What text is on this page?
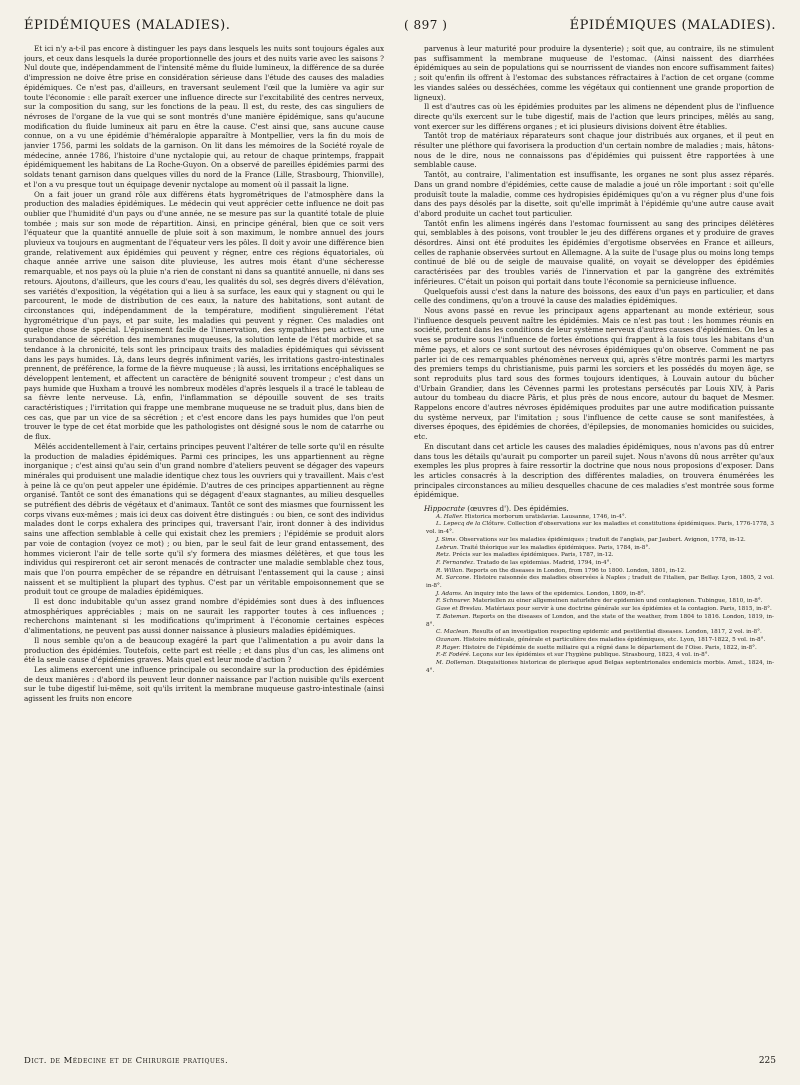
ÉPIDÉMIQUES (MALADIES).	( 897 )	ÉPIDÉMIQUES (MALADIES).

Et ici n'y a-t-il pas encore à distinguer les pays dans lesquels les nuits sont toujours égales aux jours, et ceux dans lesquels la durée proportionnelle des jours et des nuits varie avec les saisons ? Nul doute que, indépendamment de l'intensité même du fluide lumineux, la différence de sa durée d'impression ne doive être prise en considération sérieuse dans l'étude des causes des maladies épidémiques. Ce n'est pas, d'ailleurs, en traversant seulement l'œil que la lumière va agir sur toute l'économie : elle paraît exercer une influence directe sur l'excitabilité des centres nerveux, sur la composition du sang, sur les fonctions de la peau. Il est, du reste, des cas singuliers de névroses de l'organe de la vue qui se sont montrés d'une manière épidémique, sans qu'aucune modification du fluide lumineux ait paru en être la cause. C'est ainsi que, sans aucune cause connue, on a vu une épidémie d'héméralopie apparaître à Montpellier, vers la fin du mois de janvier 1756, parmi les soldats de la garnison. On lit dans les mémoires de la Société royale de médecine, année 1786, l'histoire d'une nyctalopie qui, au retour de chaque printemps, frappait épidémiquement les habitans de La Roche-Guyon. On a observé de pareilles épidémies parmi des soldats tenant garnison dans quelques villes du nord de la France (Lille, Strasbourg, Thionville), et l'on a vu presque tout un équipage devenir nyctalope au moment où il passait la ligne.

On a fait jouer un grand rôle aux différens états hygrométriques de l'atmosphère dans la production des maladies épidémiques. Le médecin qui veut apprécier cette influence ne doit pas oublier que l'humidité d'un pays ou d'une année, ne se mesure pas sur la quantité totale de pluie tombée ; mais sur son mode de répartition. Ainsi, en principe général, bien que ce soit vers l'équateur que la quantité annuelle de pluie soit à son maximum, le nombre annuel des jours pluvieux va toujours en augmentant de l'équateur vers les pôles. Il doit y avoir une différence bien grande, relativement aux épidémies qui peuvent y régner, entre ces régions équatoriales, où chaque année arrive une saison dite pluvieuse, les autres mois étant d'une sécheresse remarquable, et nos pays où la pluie n'a rien de constant ni dans sa quantité annuelle, ni dans ses retours. Ajoutons, d'ailleurs, que les cours d'eau, les qualités du sol, ses degrés divers d'élévation, ses variétés d'exposition, la végétation qui a lieu à sa surface, les eaux qui y stagnent ou qui le parcourent, le mode de distribution de ces eaux, la nature des habitations, sont autant de circonstances qui, indépendamment de la température, modifient singulièrement l'état hygrométrique d'un pays, et par suite, les maladies qui peuvent y régner. Ces maladies ont quelque chose de spécial. L'épuisement facile de l'innervation, des sympathies peu actives, une surabondance de sécrétion des membranes muqueuses, la solution lente de l'état morbide et sa tendance à la chronicité, tels sont les principaux traits des maladies épidémiques qui sévissent dans les pays humides. Là, dans leurs degrés infiniment variés, les irritations gastro-intestinales prennent, de préférence, la forme de la fièvre muqueuse ; là aussi, les irritations encéphaliques se développent lentement, et affectent un caractère de bénignité souvent trompeur ; c'est dans un pays humide que Huxham a trouvé les nombreux modèles d'après lesquels il a tracé le tableau de sa fièvre lente nerveuse. Là, enfin, l'inflammation se dépouille souvent de ses traits caractéristiques ; l'irritation qui frappe une membrane muqueuse ne se traduit plus, dans bien de ces cas, que par un vice de sa sécrétion ; et c'est encore dans les pays humides que l'on peut trouver le type de cet état morbide que les pathologistes ont désigné sous le nom de catarrhe ou de flux.

Mêlés accidentellement à l'air, certains principes peuvent l'altérer de telle sorte qu'il en résulte la production de maladies épidémiques. Parmi ces principes, les uns appartiennent au règne inorganique ; c'est ainsi qu'au sein d'un grand nombre d'ateliers peuvent se dégager des vapeurs minérales qui produisent une maladie identique chez tous les ouvriers qui y travaillent. Mais c'est à peine là ce qu'on peut appeler une épidémie. D'autres de ces principes appartiennent au règne organisé. Tantôt ce sont des émanations qui se dégagent d'eaux stagnantes, au milieu desquelles se putréfient des débris de végétaux et d'animaux. Tantôt ce sont des miasmes que fournissent les corps vivans eux-mêmes ; mais ici deux cas doivent être distingués : ou bien, ce sont des individus malades dont le corps exhalera des principes qui, traversant l'air, iront donner à des individus sains une affection semblable à celle qui existait chez les premiers ; l'épidémie se produit alors par voie de contagion (voyez ce mot) ; ou bien, par le seul fait de leur grand entassement, des hommes vicieront l'air de telle sorte qu'il s'y formera des miasmes délétères, et que tous les individus qui respireront cet air seront menacés de contracter une maladie semblable chez tous, mais que l'on pourra empêcher de se répandre en détruisant l'entassement qui la cause ; ainsi naissent et se multiplient la plupart des typhus. C'est par un véritable empoisonnement que se produit tout ce groupe de maladies épidémiques.

Il est donc indubitable qu'un assez grand nombre d'épidémies sont dues à des influences atmosphériques appréciables ; mais on ne saurait les rapporter toutes à ces influences ; recherchons maintenant si les modifications qu'impriment à l'économie certaines espèces d'alimentations, ne peuvent pas aussi donner naissance à plusieurs maladies épidémiques.

Il nous semble qu'on a de beaucoup exagéré la part que l'alimentation a pu avoir dans la production des épidémies. Toutefois, cette part est réelle ; et dans plus d'un cas, les alimens ont été la seule cause d'épidémies graves. Mais quel est leur mode d'action ?

Les alimens exercent une influence principale ou secondaire sur la production des épidémies de deux manières : d'abord ils peuvent leur donner naissance par l'action nuisible qu'ils exercent sur le tube digestif lui-même, soit qu'ils irritent la membrane muqueuse gastro-intestinale (ainsi agissent les fruits non encore

parvenus à leur maturité pour produire la dysenterie) ; soit que, au contraire, ils ne stimulent pas suffisamment la membrane muqueuse de l'estomac. (Ainsi naissent des diarrhées épidémiques au sein de populations qui se nourrissent de viandes non encore suffisamment faites) ; soit qu'enfin ils offrent à l'estomac des substances réfractaires à l'action de cet organe (comme les viandes salées ou desséchées, comme les végétaux qui contiennent une grande proportion de ligneux).

Il est d'autres cas où les épidémies produites par les alimens ne dépendent plus de l'influence directe qu'ils exercent sur le tube digestif, mais de l'action que leurs principes, mêlés au sang, vont exercer sur les différens organes ; et ici plusieurs divisions doivent être établies.

Tantôt trop de matériaux réparateurs sont chaque jour distribués aux organes, et il peut en résulter une pléthore qui favorisera la production d'un certain nombre de maladies ; mais, hâtons-nous de le dire, nous ne connaissons pas d'épidémies qui puissent être rapportées à une semblable cause.

Tantôt, au contraire, l'alimentation est insuffisante, les organes ne sont plus assez réparés. Dans un grand nombre d'épidémies, cette cause de maladie a joué un rôle important : soit qu'elle produisît toute la maladie, comme ces hydropisies épidémiques qu'on a vu régner plus d'une fois dans des pays désolés par la disette, soit qu'elle imprimât à l'épidémie qu'une autre cause avait d'abord produite un cachet tout particulier.

Tantôt enfin les alimens ingérés dans l'estomac fournissent au sang des principes délétères qui, semblables à des poisons, vont troubler le jeu des différens organes et y produire de graves désordres. Ainsi ont été produites les épidémies d'ergotisme observées en France et ailleurs, celles de raphanie observées surtout en Allemagne. A la suite de l'usage plus ou moins long temps continué de blé ou de seigle de mauvaise qualité, on voyait se développer des épidémies caractérisées par des troubles variés de l'innervation et par la gangrène des extrémités inférieures. C'était un poison qui portait dans toute l'économie sa pernicieuse influence.

Quelquefois aussi c'est dans la nature des boissons, des eaux d'un pays en particulier, et dans celle des condimens, qu'on a trouvé la cause des maladies épidémiques.

Nous avons passé en revue les principaux agens appartenant au monde extérieur, sous l'influence desquels peuvent naître les épidémies. Mais ce n'est pas tout : les hommes réunis en société, portent dans les conditions de leur système nerveux d'autres causes d'épidémies. On les a vues se produire sous l'influence de fortes émotions qui frappent à la fois tous les habitans d'un même pays, et alors ce sont surtout des névroses épidémiques qu'on observe. Comment ne pas parler ici de ces remarquables phénomènes nerveux qui, après s'être montrés parmi les martyrs des premiers temps du christianisme, puis parmi les sorciers et les possédés du moyen âge, se sont reproduits plus tard sous des formes toujours identiques, à Louvain autour du bûcher d'Urbain Grandier, dans les Cévennes parmi les protestans persécutés par Louis XIV, à Paris autour du tombeau du diacre Pâris, et plus près de nous encore, autour du baquet de Mesmer. Rappelons encore d'autres névroses épidémiques produites par une autre modification puissante du système nerveux, par l'imitation ; sous l'influence de cette cause se sont manifestées, à diverses époques, des épidémies de chorées, d'épilepsies, de monomanies homicides ou suicides, etc.

En discutant dans cet article les causes des maladies épidémiques, nous n'avons pas dû entrer dans tous les détails qu'aurait pu comporter un pareil sujet. Nous n'avons dû nous arrêter qu'aux exemples les plus propres à faire ressortir la doctrine que nous nous proposions d'exposer. Dans les articles consacrés à la description des différentes maladies, on trouvera énumérées les principales circonstances au milieu desquelles chacune de ces maladies s'est montrée sous forme épidémique.

Hippocrate (œuvres d'). Des épidémies.

A. Haller. Historica morborum uratislaviæ. Lausanne, 1746, in-4°.

L. Lepecq de la Clôture. Collection d'observations sur les maladies et constitutions épidémiques. Paris, 1776-1778, 3 vol. in-4°.

J. Sims. Observations sur les maladies épidémiques ; traduit de l'anglais, par Jaubert. Avignon, 1778, in-12.

Lebrun. Traité théorique sur les maladies épidémiques. Paris, 1784, in-8°.

Retz. Précis sur les maladies épidémiques. Paris, 1787, in-12.

F. Fernandez. Tratado de las epidemias. Madrid, 1794, in-4°.

R. Willan. Reports on the diseases in London, from 1796 to 1800. London, 1801, in-12.

M. Sarcone. Histoire raisonnée des maladies observées à Naples ; traduit de l'italien, par Bellay. Lyon, 1805, 2 vol. in-8°.

J. Adams. An inquiry into the laws of the epidemics. London, 1809, in-8°.

F. Schnurer. Materiellen zu einer allgemeinen naturlehre der epidemien und contagionen. Tubingue, 1810, in-8°.

Gase et Breslau. Matériaux pour servir à une doctrine générale sur les épidémies et la contagion. Paris, 1815, in-8°.

T. Bateman. Reports on the diseases of London, and the state of the weather, from 1804 to 1816. London, 1819, in-8°.

C. Maclean. Results of an investigation respecting epidemic and pestilential diseases. London, 1817, 2 vol. in-8°.

Ozanam. Histoire médicale, générale et particulière des maladies épidémiques, etc. Lyon, 1817-1822, 5 vol. in-8°.

P. Rayer. Histoire de l'épidémie de suette miliaire qui a régné dans le département de l'Oise. Paris, 1822, in-8°.

F.-E Fodéré. Leçons sur les épidémies et sur l'hygiène publique. Strasbourg, 1823, 4 vol. in-8°.

M. Dolleman. Disquisitiones historicæ de plerisque apud Belgas septentrionales endemicis morbis. Amst., 1824, in-4°.

Dict. de Médecine et de Chirurgie pratiques.	225
